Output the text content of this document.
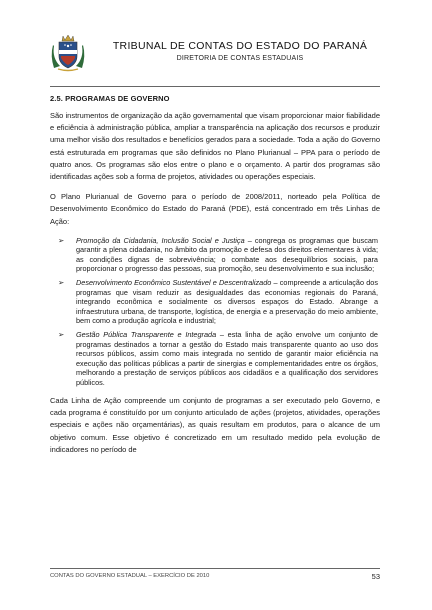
TRIBUNAL DE CONTAS DO ESTADO DO PARANÁ
DIRETORIA DE CONTAS ESTADUAIS
2.5. PROGRAMAS DE GOVERNO

São instrumentos de organização da ação governamental que visam proporcionar maior fiabilidade e eficiência à administração pública, ampliar a transparência na aplicação dos recursos e produzir uma melhor visão dos resultados e benefícios gerados para a sociedade. Toda a ação do Governo está estruturada em programas que são definidos no Plano Plurianual – PPA para o período de quatro anos. Os programas são elos entre o plano e o orçamento. A partir dos programas são identificadas ações sob a forma de projetos, atividades ou operações especiais.

O Plano Plurianual de Governo para o período de 2008/2011, norteado pela Política de Desenvolvimento Econômico do Estado do Paraná (PDE), está concentrado em três Linhas de Ação:

➢ Promoção da Cidadania, Inclusão Social e Justiça – congrega os programas que buscam garantir a plena cidadania, no âmbito da promoção e defesa dos direitos elementares à vida; as condições dignas de sobrevivência; o combate aos desequilíbrios sociais, para proporcionar o progresso das pessoas, sua promoção, seu desenvolvimento e sua inclusão;
➢ Desenvolvimento Econômico Sustentável e Descentralizado – compreende a articulação dos programas que visam reduzir as desigualdades das economias regionais do Paraná, integrando econômica e socialmente os diversos espaços do Estado. Abrange a infraestrutura urbana, de transporte, logística, de energia e a preservação do meio ambiente, bem como a produção agrícola e industrial;
➢ Gestão Pública Transparente e Integrada – esta linha de ação envolve um conjunto de programas destinados a tornar a gestão do Estado mais transparente quanto ao uso dos recursos públicos, assim como mais integrada no sentido de garantir maior eficiência na execução das políticas públicas a partir de sinergias e complementaridades entre os órgãos, melhorando a prestação de serviços públicos aos cidadãos e a qualificação dos servidores públicos.

Cada Linha de Ação compreende um conjunto de programas a ser executado pelo Governo, e cada programa é constituído por um conjunto articulado de ações (projetos, atividades, operações especiais e ações não orçamentárias), as quais resultam em produtos, para o alcance de um objetivo comum. Esse objetivo é concretizado em um resultado medido pela evolução de indicadores no período de

CONTAS DO GOVERNO ESTADUAL – EXERCÍCIO DE 2010	53
